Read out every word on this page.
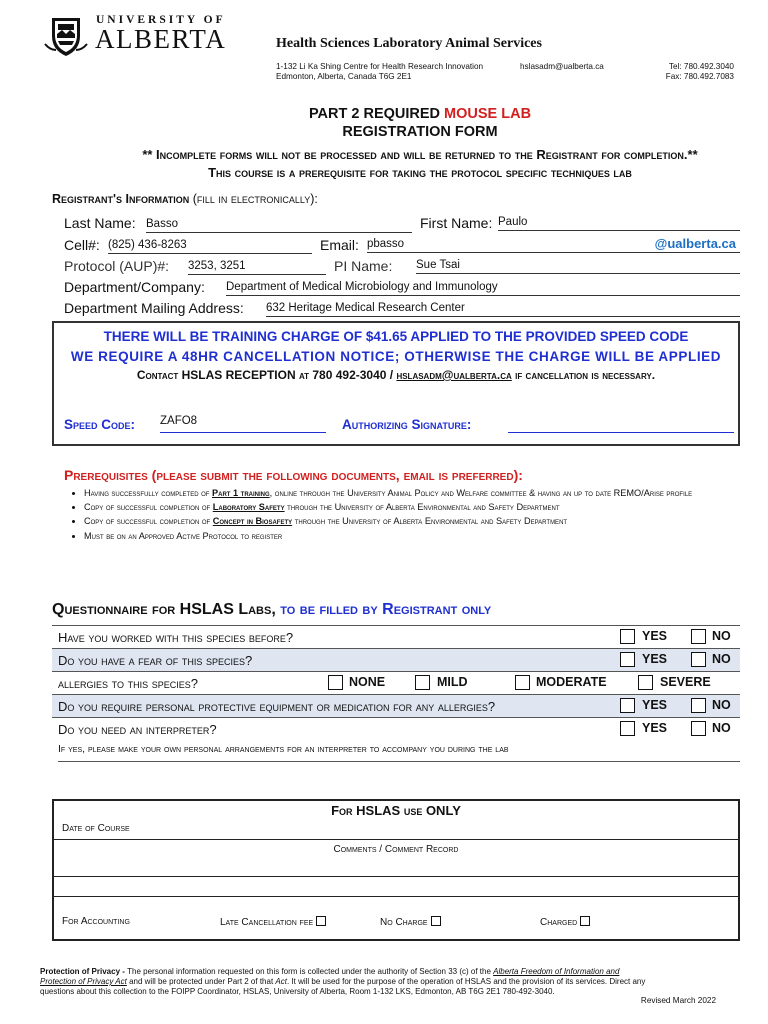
UNIVERSITY OF
ALBERTA	Health Sciences Laboratory Animal Services
1-132 Li Ka Shing Centre for Health Research Innovation
Edmonton, Alberta, Canada T6G 2E1
hslasadm@ualberta.ca	Tel: 780.492.3040
Fax: 780.492.7083
PART 2 REQUIRED MOUSE LAB
REGISTRATION FORM
** Incomplete forms will not be processed and will be returned to the Registrant for completion.**
This course is a prerequisite for taking the protocol specific techniques lab
Registrant's Information (fill in electronically):
Last Name: Basso	First Name: Paulo
Cell#: (825) 436-8263	Email: pbasso	@ualberta.ca
Protocol (AUP)#: 3253, 3251	PI Name: Sue Tsai
Department/Company: Department of Medical Microbiology and Immunology
Department Mailing Address: 632 Heritage Medical Research Center
THERE WILL BE TRAINING CHARGE OF $41.65 APPLIED TO THE PROVIDED SPEED CODE
WE REQUIRE A 48HR CANCELLATION NOTICE; OTHERWISE THE CHARGE WILL BE APPLIED
Contact HSLAS RECEPTION at 780 492-3040 / hslasadm@ualberta.ca if cancellation is necessary.
Speed Code: ZAFO8	Authorizing Signature:
Prerequisites (please submit the following documents, email is preferred):
• Having successfully completed of Part 1 training, online through the University Animal Policy and Welfare committee & having an up to date REMO/Arise profile
• Copy of successful completion of Laboratory Safety through the University of Alberta Environmental and Safety Department
• Copy of successful completion of Concept in Biosafety through the University of Alberta Environmental and Safety Department
• Must be on an Approved Active Protocol to register
Questionnaire for HSLAS Labs, to be filled by Registrant only
Have you worked with this species before?	YES	NO
Do you have a fear of this species?	YES	NO
allergies to this species?	NONE	MILD	MODERATE	SEVERE
Do you require personal protective equipment or medication for any allergies?	YES	NO
Do you need an interpreter?	YES	NO
If yes, please make your own personal arrangements for an interpreter to accompany you during the lab
For HSLAS use ONLY
Date of Course
Comments / Comment Record
For Accounting	Late Cancellation fee	No Charge	Charged
Protection of Privacy - The personal information requested on this form is collected under the authority of Section 33 (c) of the Alberta Freedom of Information and Protection of Privacy Act and will be protected under Part 2 of that Act. It will be used for the purpose of the operation of HSLAS and the provision of its services. Direct any questions about this collection to the FOIPP Coordinator, HSLAS, University of Alberta, Room 1-132 LKS, Edmonton, AB T6G 2E1 780-492-3040.
Revised March 2022
